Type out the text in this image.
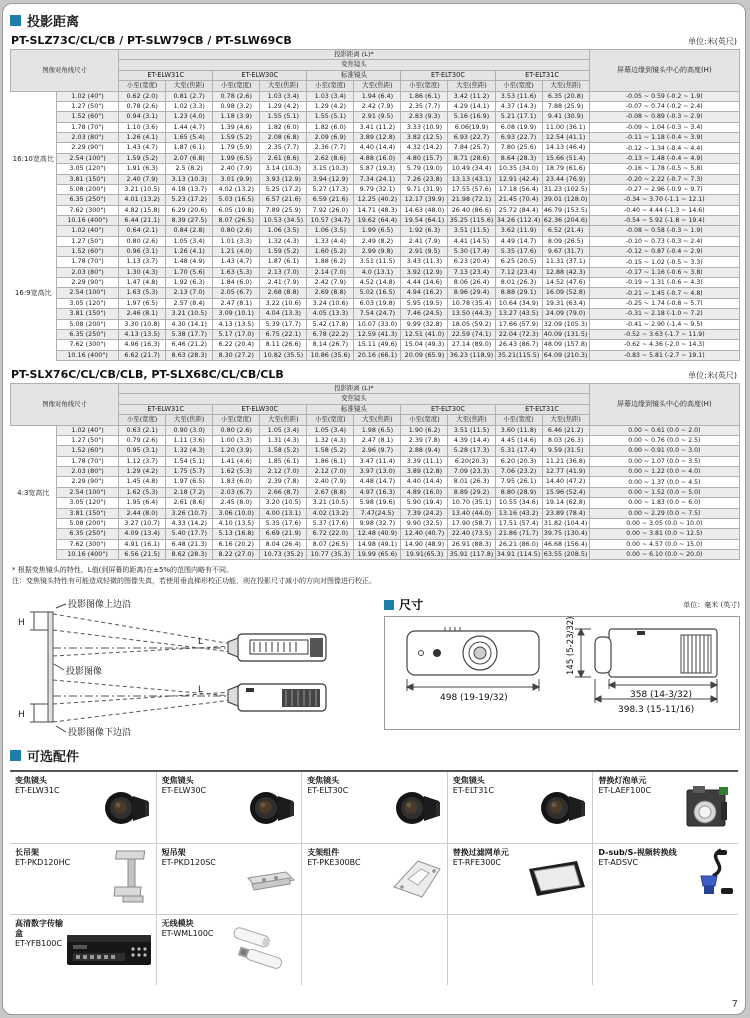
投影距离
PT-SLZ73C/CL/CB / PT-SLW79CB / PT-SLW69CB	单位:米(英尺)
图像对角线尺寸		投影距离 (L)*										屏幕边缘到镜头中心的高度(H)
		变焦镜头										
		ET-ELW31C		ET-ELW30C		标准镜头		ET-ELT30C		ET-ELT31C		
		小至(宽度)	大至(焦距)	小至(宽度)	大至(焦距)	小至(宽度)	大至(焦距)	小至(宽度)	大至(焦距)	小至(宽度)	大至(焦距)	
16:10宽高比	1.02 (40")	0.62 (2.0)	0.81 (2.7)	0.78 (2.6)	1.03 (3.4)	1.03 (3.4)	1.94 (6.4)	1.86 (6.1)	3.42 (11.2)	3.53 (11.6)	6.35 (20.8)	-0.05 ~ 0.59 (-0.2 ~ 1.9)
	1.27 (50")	0.78 (2.6)	1.02 (3.3)	0.98 (3.2)	1.29 (4.2)	1.29 (4.2)	2.42 (7.9)	2.35 (7.7)	4.29 (14.1)	4.37 (14.3)	7.88 (25.9)	-0.07 ~ 0.74 (-0.2 ~ 2.4)
	1.52 (60")	0.94 (3.1)	1.23 (4.0)	1.18 (3.9)	1.55 (5.1)	1.55 (5.1)	2.91 (9.5)	2.83 (9.3)	5.16 (16.9)	5.21 (17.1)	9.41 (30.9)	-0.08 ~ 0.89 (-0.3 ~ 2.9)
	1.78 (70")	1.10 (3.6)	1.44 (4.7)	1.39 (4.6)	1.82 (6.0)	1.82 (6.0)	3.41 (11.2)	3.33 (10.9)	6.06(19.9)	6.08 (19.9)	11.00 (36.1)	-0.09 ~ 1.04 (-0.3 ~ 3.4)
	2.03 (80")	1.26 (4.1)	1.65 (5.4)	1.59 (5.2)	2.08 (6.8)	2.09 (6.9)	3.89 (12.8)	3.82 (12.5)	6.93 (22.7)	6.93 (22.7)	12.54 (41.1)	-0.11 ~ 1.18 (-0.4 ~ 3.9)
	2.29 (90")	1.43 (4.7)	1.87 (6.1)	1.79 (5.9)	2.35 (7.7)	2.36 (7.7)	4.40 (14.4)	4.32 (14.2)	7.84 (25.7)	7.80 (25.6)	14.13 (46.4)	-0.12 ~ 1.34 (-0.4 ~ 4.4)
	2.54 (100")	1.59 (5.2)	2.07 (6.8)	1.99 (6.5)	2.61 (8.6)	2.62 (8.6)	4.88 (16.0)	4.80 (15.7)	8.71 (28.6)	8.64 (28.3)	15.66 (51.4)	-0.13 ~ 1.48 (-0.4 ~ 4.9)
	3.05 (120")	1.91 (6.3)	2.5 (8.2)	2.40 (7.9)	3.14 (10.3)	3.15 (10.3)	5.87 (19.3)	5.79 (19.0)	10.49 (34.4)	10.35 (34.0)	18.79 (61.6)	-0.16 ~ 1.78 (-0.5 ~ 5.8)
	3.81 (150")	2.40 (7.9)	3.13 (10.3)	3.01 (9.9)	3.93 (12.9)	3.94 (12.9)	7.34 (24.1)	7.26 (23.8)	13.13 (43.1)	12.91 (42.4)	23.44 (76.9)	-0.20 ~ 2.22 (-0.7 ~ 7.3)
	5.08 (200")	3.21 (10.5)	4.18 (13.7)	4.02 (13.2)	5.25 (17.2)	5.27 (17.3)	9.79 (32.1)	9.71 (31.9)	17.55 (57.6)	17.18 (56.4)	31.23 (102.5)	-0.27 ~ 2.96 (-0.9 ~ 9.7)
	6.35 (250")	4.01 (13.2)	5.23 (17.2)	5.03 (16.5)	6.57 (21.6)	6.59 (21.6)	12.25 (40.2)	12.17 (39.9)	21.98 (72.1)	21.45 (70.4)	39.01 (128.0)	-0.34 ~ 3.70 (-1.1 ~ 12.1)
	7.62 (300")	4.82 (15.8)	6.29 (20.6)	6.05 (19.8)	7.89 (25.9)	7.92 (26.0)	14.71 (48.3)	14.63 (48.0)	26.40 (86.6)	25.72 (84.4)	46.79 (153.5)	-0.40 ~ 4.44 (-1.3 ~ 14.6)
	10.16 (400")	6.44 (21.1)	8.39 (27.5)	8.07 (26.5)	10.53 (34.5)	10.57 (34.7)	19.62 (64.4)	19.54 (64.1)	35.25 (115.6)	34.26 (112.4)	62.36 (204.6)	-0.54 ~ 5.92 (-1.8 ~ 19.4)
16:9宽高比	1.02 (40")	0.64 (2.1)	0.84 (2.8)	0.80 (2.6)	1.06 (3.5)	1.06 (3.5)	1.99 (6.5)	1.92 (6.3)	3.51 (11.5)	3.62 (11.9)	6.52 (21.4)	-0.08 ~ 0.58 (-0.3 ~ 1.9)
	1.27 (50")	0.80 (2.6)	1.05 (3.4)	1.01 (3.3)	1.32 (4.3)	1.33 (4.4)	2.49 (8.2)	2.41 (7.9)	4.41 (14.5)	4.49 (14.7)	8.09 (26.5)	-0.10 ~ 0.73 (-0.3 ~ 2.4)
	1.52 (60")	0.96 (3.1)	1.26 (4.1)	1.21 (4.0)	1.59 (5.2)	1.60 (5.2)	2.99 (9.8)	2.91 (9.5)	5.30 (17.4)	5.35 (17.6)	9.67 (31.7)	-0.12 ~ 0.87 (-0.4 ~ 2.9)
	1.78 (70")	1.13 (3.7)	1.48 (4.9)	1.43 (4.7)	1.87 (6.1)	1.88 (6.2)	3.51 (11.5)	3.43 (11.3)	6.23 (20.4)	6.25 (20.5)	11.31 (37.1)	-0.15 ~ 1.02 (-0.5 ~ 3.3)
	2.03 (80")	1.30 (4.3)	1.70 (5.6)	1.63 (5.3)	2.13 (7.0)	2.14 (7.0)	4.0 (13.1)	3.92 (12.9)	7.13 (23.4)	7.12 (23.4)	12.88 (42.3)	-0.17 ~ 1.16 (-0.6 ~ 3.8)
	2.29 (90")	1.47 (4.8)	1.92 (6.3)	1.84 (6.0)	2.41 (7.9)	2.42 (7.9)	4.52 (14.8)	4.44 (14.6)	8.06 (26.4)	8.01 (26.3)	14.52 (47.6)	-0.19 ~ 1.31 (-0.6 ~ 4.3)
	2.54 (100")	1.63 (5.3)	2.13 (7.0)	2.05 (6.7)	2.68 (8.8)	2.69 (8.8)	5.02 (16.5)	4.94 (16.2)	8.96 (29.4)	8.88 (29.1)	16.09 (52.8)	-0.21 ~ 1.45 (-0.7 ~ 4.8)
	3.05 (120")	1.97 (6.5)	2.57 (8.4)	2.47 (8.1)	3.22 (10.6)	3.24 (10.6)	6.03 (19.8)	5.95 (19.5)	10.78 (35.4)	10.64 (34.9)	19.31 (63.4)	-0.25 ~ 1.74 (-0.8 ~ 5.7)
	3.81 (150")	2.46 (8.1)	3.21 (10.5)	3.09 (10.1)	4.04 (13.3)	4.05 (13.3)	7.54 (24.7)	7.46 (24.5)	13.50 (44.3)	13.27 (43.5)	24.09 (79.0)	-0.31 ~ 2.18 (-1.0 ~ 7.2)
	5.08 (200")	3.30 (10.8)	4.30 (14.1)	4.13 (13.5)	5.39 (17.7)	5.42 (17.8)	10.07 (33.0)	9.99 (32.8)	18.05 (59.2)	17.66 (57.9)	32.09 (105.3)	-0.41 ~ 2.90 (-1.4 ~ 9.5)
	6.35 (250")	4.13 (13.5)	5.38 (17.7)	5.17 (17.0)	6.75 (22.1)	6.78 (22.2)	12.59 (41.3)	12.51 (41.0)	22.59 (74.1)	22.04 (72.3)	40.09 (131.5)	-0.52 ~ 3.63 (-1.7 ~ 11.9)
	7.62 (300")	4.96 (16.3)	6.46 (21.2)	6.22 (20.4)	8.11 (26.6)	8.14 (26.7)	15.11 (49.6)	15.04 (49.3)	27.14 (89.0)	26.43 (86.7)	48.09 (157.8)	-0.62 ~ 4.36 (-2.0 ~ 14.3)
	10.16 (400")	6.62 (21.7)	8.63 (28.3)	8.30 (27.2)	10.82 (35.5)	10.86 (35.6)	20.16 (66.1)	20.09 (65.9)	36.23 (118.9)	35.21(115.5)	64.09 (210.3)	-0.83 ~ 5.81 (-2.7 ~ 19.1)
PT-SLX76C/CL/CB/CLB, PT-SLX68C/CL/CB/CLB	单位:米(英尺)
图像对角线尺寸		投影距离 (L)*										屏幕边缘到镜头中心的高度(H)
		变焦镜头										
		ET-ELW31C		ET-ELW30C		标准镜头		ET-ELT30C		ET-ELT31C		
		小至(宽度)	大至(焦距)	小至(宽度)	大至(焦距)	小至(宽度)	大至(焦距)	小至(宽度)	大至(焦距)	小至(宽度)	大至(焦距)	
4:3宽高比	1.02 (40")	0.63 (2.1)	0.90 (3.0)	0.80 (2.6)	1.05 (3.4)	1.05 (3.4)	1.98 (6.5)	1.90 (6.2)	3.51 (11.5)	3.60 (11.8)	6.46 (21.2)	0.00 ~ 0.61 (0.0 ~ 2.0)
	1.27 (50")	0.79 (2.6)	1.11 (3.6)	1.00 (3.3)	1.31 (4.3)	1.32 (4.3)	2.47 (8.1)	2.39 (7.8)	4.39 (14.4)	4.45 (14.6)	8.03 (26.3)	0.00 ~ 0.76 (0.0 ~ 2.5)
	1.52 (60")	0.95 (3.1)	1.32 (4.3)	1.20 (3.9)	1.58 (5.2)	1.58 (5.2)	2.96 (9.7)	2.88 (9.4)	5.28 (17.3)	5.31 (17.4)	9.59 (31.5)	0.00 ~ 0.91 (0.0 ~ 3.0)
	1.78 (70")	1.12 (3.7)	1.54 (5.1)	1.41 (4.6)	1.85 (6.1)	1.86 (6.1)	3.47 (11.4)	3.39 (11.1)	6.20(20.3)	6.20 (20.3)	11.21 (36.8)	0.00 ~ 1.07 (0.0 ~ 3.5)
	2.03 (80")	1.29 (4.2)	1.75 (5.7)	1.62 (5.3)	2.12 (7.0)	2.12 (7.0)	3.97 (13.0)	3.89 (12.8)	7.09 (23.3)	7.06 (23.2)	12.77 (41.9)	0.00 ~ 1.22 (0.0 ~ 4.0)
	2.29 (90")	1.45 (4.8)	1.97 (6.5)	1.83 (6.0)	2.39 (7.8)	2.40 (7.9)	4.48 (14.7)	4.40 (14.4)	8.01 (26.3)	7.95 (26.1)	14.40 (47.2)	0.00 ~ 1.37 (0.0 ~ 4.5)
	2.54 (100")	1.62 (5.3)	2.18 (7.2)	2.03 (6.7)	2.66 (8.7)	2.67 (8.8)	4.97 (16.3)	4.89 (16.0)	8.89 (29.2)	8.80 (28.9)	15.96 (52.4)	0.00 ~ 1.52 (0.0 ~ 5.0)
	3.05 (120")	1.95 (6.4)	2.61 (8.6)	2.45 (8.0)	3.20 (10.5)	3.21 (10.5)	5.98 (19.6)	5.90 (19.4)	10.70 (35.1)	10.55 (34.6)	19.14 (62.8)	0.00 ~ 1.83 (0.0 ~ 6.0)
	3.81 (150")	2.44 (8.0)	3.26 (10.7)	3.06 (10.0)	4.00 (13.1)	4.02 (13.2)	7.47(24.5)	7.39 (24.2)	13.40 (44.0)	13.16 (43.2)	23.89 (78.4)	0.00 ~ 2.29 (0.0 ~ 7.5)
	5.08 (200")	3.27 (10.7)	4.33 (14.2)	4.10 (13.5)	5.35 (17.6)	5.37 (17.6)	9.98 (32.7)	9.90 (32.5)	17.90 (58.7)	17.51 (57.4)	31.82 (104.4)	0.00 ~ 3.05 (0.0 ~ 10.0)
	6.35 (250")	4.09 (13.4)	5.40 (17.7)	5.13 (16.8)	6.69 (21.9)	6.72 (22.0)	12.48 (40.9)	12.40 (40.7)	22.40 (73.5)	21.86 (71.7)	39.75 (130.4)	0.00 ~ 3.81 (0.0 ~ 12.5)
	7.62 (300")	4.91 (16.1)	6.48 (21.3)	6.16 (20.2)	8.04 (26.4)	8.07 (26.5)	14.98 (49.1)	14.90 (48.9)	26.91 (88.3)	26.21 (86.0)	46.68 (156.4)	0.00 ~ 4.57 (0.0 ~ 15.0)
	10.16 (400")	6.56 (21.5)	8.62 (28.3)	8.22 (27.0)	10.73 (35.2)	10.77 (35.3)	19.99 (65.6)	19.91(65.3)	35.91 (117.8)	34.91 (114.5)	63.55 (208.5)	0.00 ~ 6.10 (0.0 ~ 20.0)
* 根据变焦镜头的特性，L值(到屏幕的距离)在±5%的范围内略有不同。
注：变焦镜头特性有可能造成轻微的图像失真，若使用垂直梯形校正功能，则在投影尺寸减小的方向对图像进行校正。
H
H
L
L
投影图像上边沿
投影图像
投影图像下边沿
尺寸	单位：毫米 (英寸)
498 (19-19/32)
145 (5-23/32)
358 (14-3/32)
398.3 (15-11/16)
可选配件
变焦镜头
ET-ELW31C
变焦镜头
ET-ELW30C
变焦镜头
ET-ELT30C
变焦镜头
ET-ELT31C
替换灯泡单元
ET-LAEF100C
长吊架
ET-PKD120HC
短吊架
ET-PKD120SC
支架组件
ET-PKE300BC
替换过滤网单元
ET-RFE300C
D-sub/S-视频转换线
ET-ADSVC
高清数字传输盒
ET-YFB100C
无线模块
ET-WML100C
7
